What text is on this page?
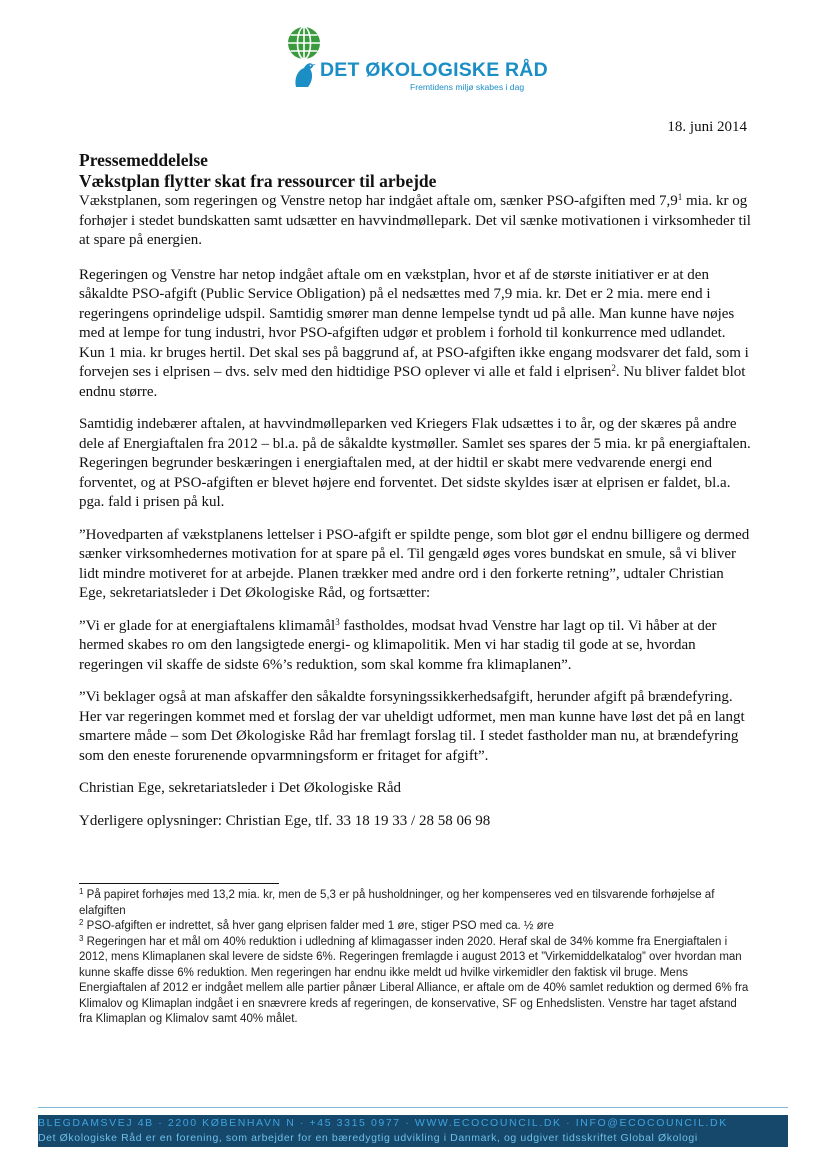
DET ØKOLOGISKE RÅD
Fremtidens miljø skabes i dag
18. juni 2014
Pressemeddelelse
Vækstplan flytter skat fra ressourcer til arbejde

Vækstplanen, som regeringen og Venstre netop har indgået aftale om, sænker PSO-afgiften med $7,9^1$ mia. kr og forhøjer i stedet bundskatten samt udsætter en havvindmøllepark. Det vil sænke motivationen i virksomheder til at spare på energien.

Regeringen og Venstre har netop indgået aftale om en vækstplan, hvor et af de største initiativer er at den såkaldte PSO-afgift (Public Service Obligation) på el nedsættes med 7,9 mia. kr. Det er 2 mia. mere end i regeringens oprindelige udspil. Samtidig smører man denne lempelse tyndt ud på alle. Man kunne have nøjes med at lempe for tung industri, hvor PSO-afgiften udgør et problem i forhold til konkurrence med udlandet. Kun 1 mia. kr bruges hertil. Det skal ses på baggrund af, at PSO-afgiften ikke engang modsvarer det fald, som i forvejen ses i elprisen – dvs. selv med den hidtidige PSO oplever vi alle et fald i elprisen$^2$. Nu bliver faldet blot endnu større.

Samtidig indebærer aftalen, at havvindmølleparken ved Kriegers Flak udsættes i to år, og der skæres på andre dele af Energiaftalen fra 2012 – bl.a. på de såkaldte kystmøller. Samlet ses spares der 5 mia. kr på energiaftalen. Regeringen begrunder beskæringen i energiaftalen med, at der hidtil er skabt mere vedvarende energi end forventet, og at PSO-afgiften er blevet højere end forventet. Det sidste skyldes især at elprisen er faldet, bl.a. pga. fald i prisen på kul.

”Hovedparten af vækstplanens lettelser i PSO-afgift er spildte penge, som blot gør el endnu billigere og dermed sænker virksomhedernes motivation for at spare på el. Til gengæld øges vores bundskat en smule, så vi bliver lidt mindre motiveret for at arbejde. Planen trækker med andre ord i den forkerte retning”, udtaler Christian Ege, sekretariatsleder i Det Økologiske Råd, og fortsætter:

”Vi er glade for at energiaftalens klimamål$^3$ fastholdes, modsat hvad Venstre har lagt op til. Vi håber at der hermed skabes ro om den langsigtede energi- og klimapolitik. Men vi har stadig til gode at se, hvordan regeringen vil skaffe de sidste 6%’s reduktion, som skal komme fra klimaplanen”.

”Vi beklager også at man afskaffer den såkaldte forsyningssikkerhedsafgift, herunder afgift på brændefyring. Her var regeringen kommet med et forslag der var uheldigt udformet, men man kunne have løst det på en langt smartere måde – som Det Økologiske Råd har fremlagt forslag til. I stedet fastholder man nu, at brændefyring som den eneste forurenende opvarmningsform er fritaget for afgift”.

Christian Ege, sekretariatsleder i Det Økologiske Råd

Yderligere oplysninger: Christian Ege, tlf. 33 18 19 33 / 28 58 06 98

$^1$ På papiret forhøjes med 13,2 mia. kr, men de 5,3 er på husholdninger, og her kompenseres ved en tilsvarende forhøjelse af elafgiften
$^2$ PSO-afgiften er indrettet, så hver gang elprisen falder med 1 øre, stiger PSO med ca. ½ øre
$^3$ Regeringen har et mål om 40% reduktion i udledning af klimagasser inden 2020. Heraf skal de 34% komme fra Energiaftalen i 2012, mens Klimaplanen skal levere de sidste 6%. Regeringen fremlagde i august 2013 et ”Virkemiddelkatalog” over hvordan man kunne skaffe disse 6% reduktion. Men regeringen har endnu ikke meldt ud hvilke virkemidler den faktisk vil bruge. Mens Energiaftalen af 2012 er indgået mellem alle partier pånær Liberal Alliance, er aftale om de 40% samlet reduktion og dermed 6% fra Klimalov og Klimaplan indgået i en snævrere kreds af regeringen, de konservative, SF og Enhedslisten. Venstre har taget afstand fra Klimaplan og Klimalov samt 40% målet.
BLEGDAMSVEJ 4B · 2200 KØBENHAVN N · +45 3315 0977 · WWW.ECOCOUNCIL.DK · INFO@ECOCOUNCIL.DK
Det Økologiske Råd er en forening, som arbejder for en bæredygtig udvikling i Danmark, og udgiver tidsskriftet Global Økologi
